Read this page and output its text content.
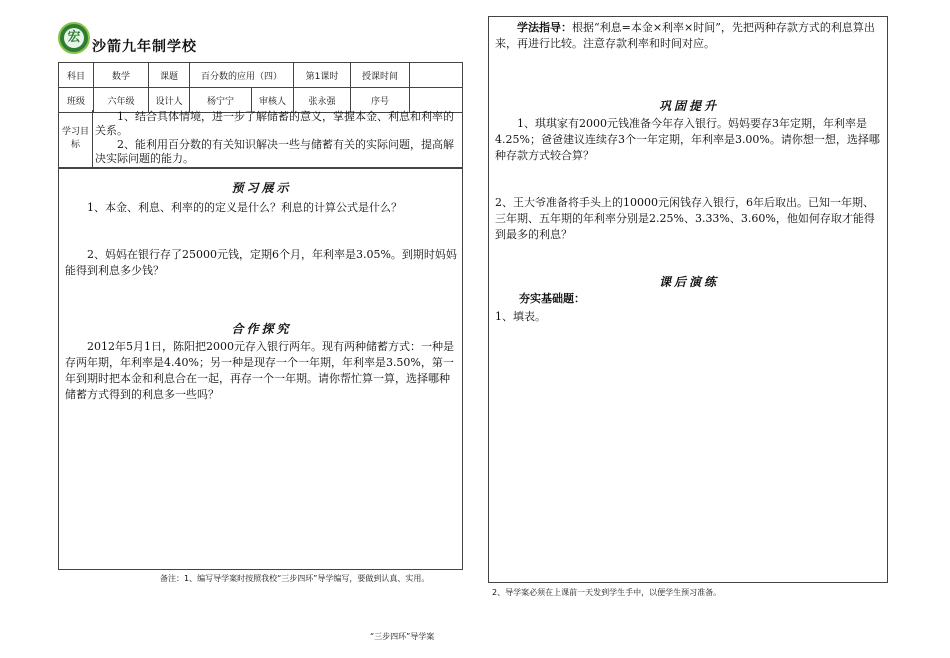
宏
沙箭九年制学校
科目	数学	课题	百分数的应用（四）		第1课时	授课时间	
班级	六年级	设计人	杨宁宁	审核人	张永强	序号	
学习目标
1、结合具体情境，进一步了解储蓄的意义，掌握本金、利息和利率的关系。
2、能利用百分数的有关知识解决一些与储蓄有关的实际问题，提高解决实际问题的能力。
预习展示
1、本金、利息、利率的的定义是什么？利息的计算公式是什么？
2、妈妈在银行存了25000元钱，定期6个月，年利率是3.05%。到期时妈妈能得到利息多少钱？
合作探究
2012年5月1日，陈阳把2000元存入银行两年。现有两种储蓄方式：一种是存两年期，年利率是4.40%；另一种是现存一个一年期，年利率是3.50%，第一年到期时把本金和利息合在一起，再存一个一年期。请你帮忙算一算，选择哪种储蓄方式得到的利息多一些吗？
备注：1、编写导学案时按照我校“三步四环”导学编写，要做到认真、实用。
“三步四环”导学案
学法指导：根据“利息=本金×利率×时间”，先把两种存款方式的利息算出来，再进行比较。注意存款利率和时间对应。
巩固提升
1、琪琪家有2000元钱准备今年存入银行。妈妈要存3年定期，年利率是4.25%；爸爸建议连续存3个一年定期，年利率是3.00%。请你想一想，选择哪种存款方式较合算？
2、王大爷准备将手头上的10000元闲钱存入银行，6年后取出。已知一年期、三年期、五年期的年利率分别是2.25%、3.33%、3.60%，他如何存取才能得到最多的利息？
课后演练
夯实基础题：
1、填表。
2、导学案必须在上课前一天发到学生手中，以便学生预习准备。
